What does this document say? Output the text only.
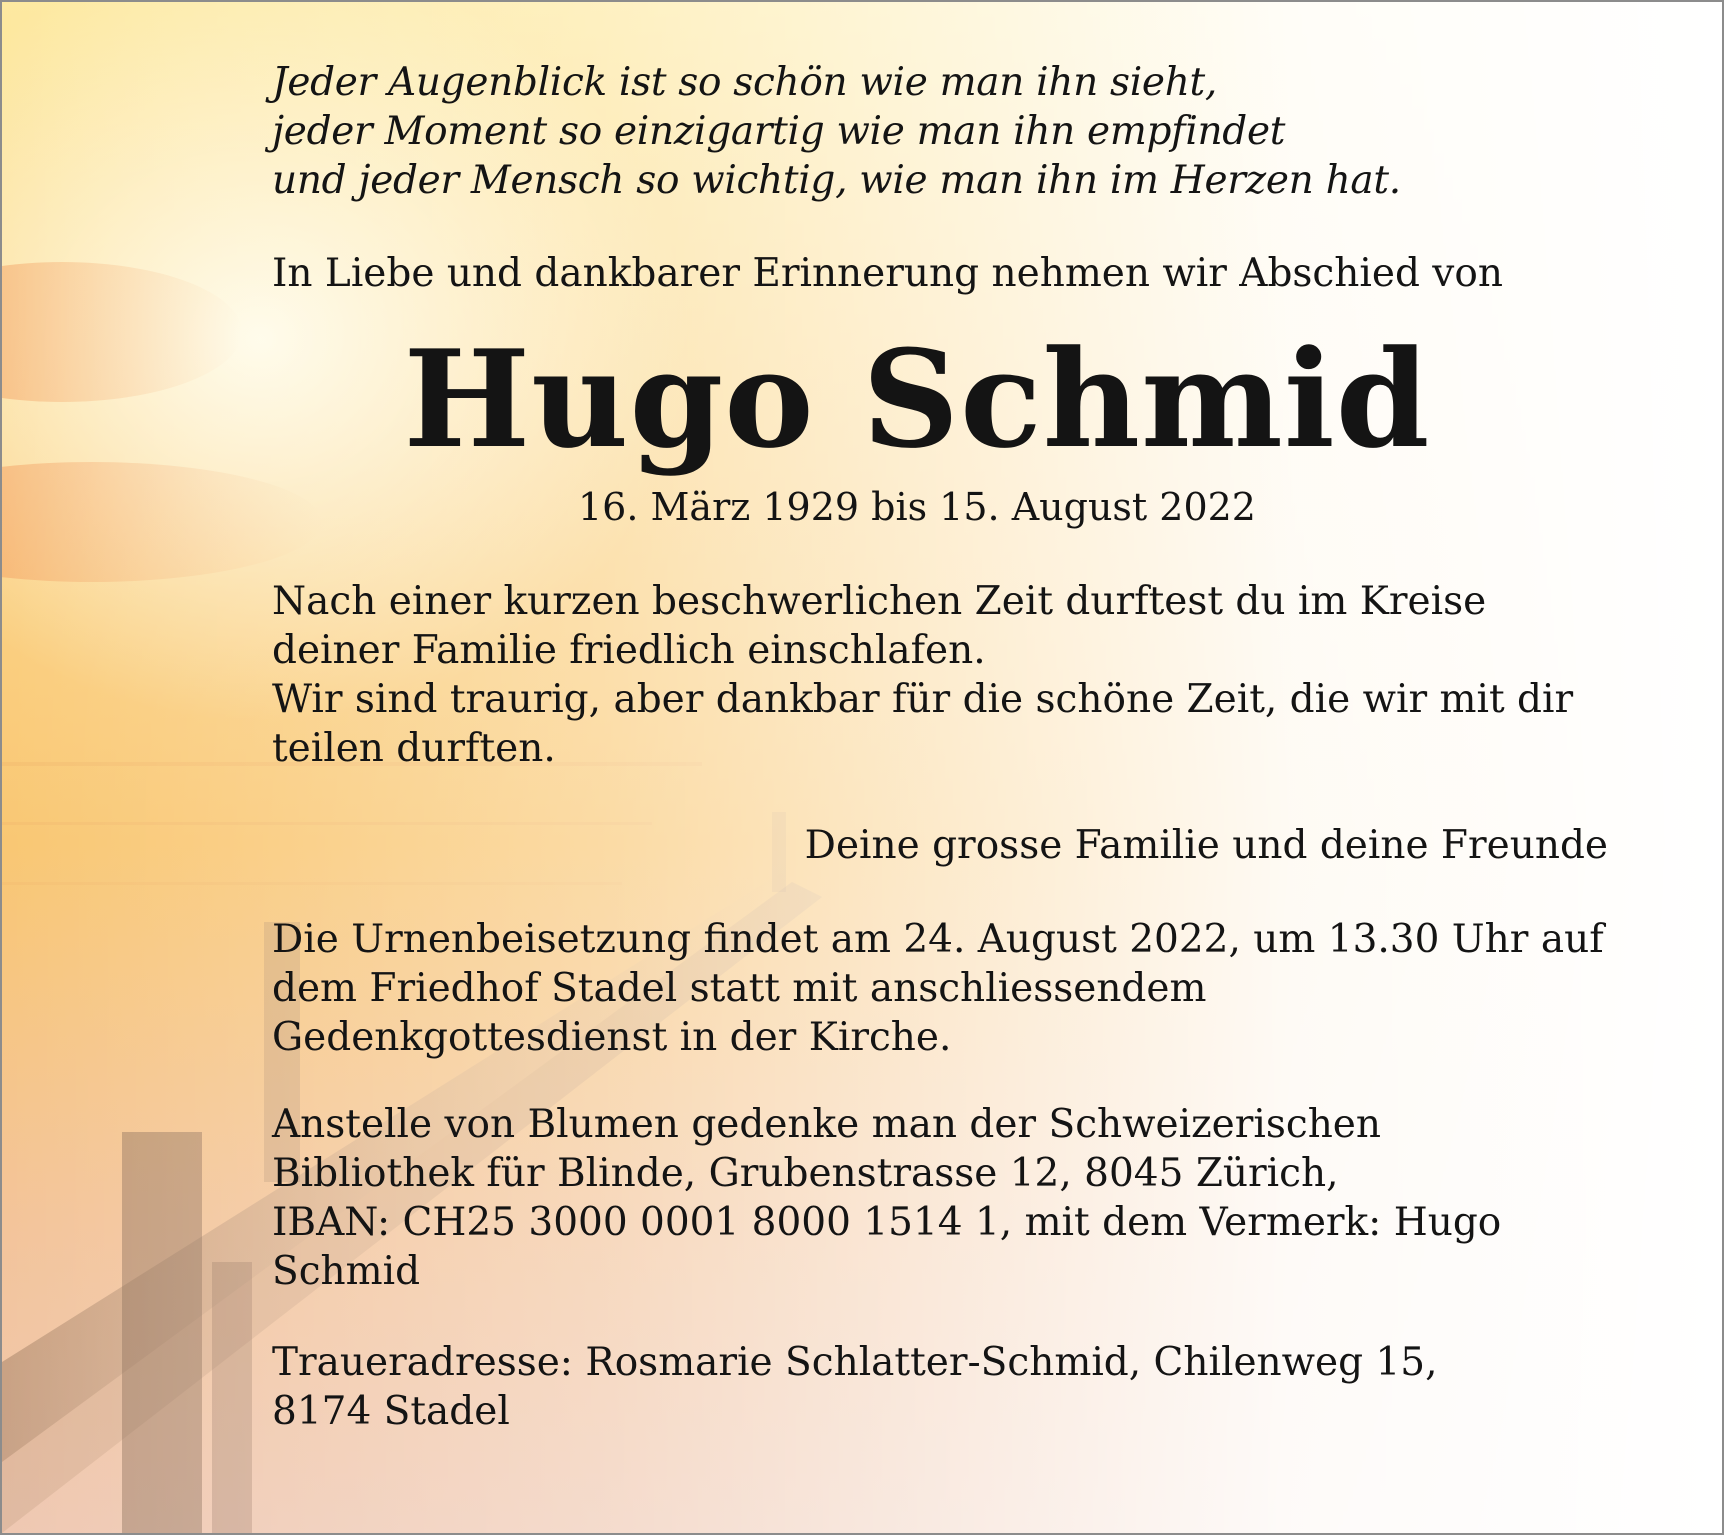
Jeder Augenblick ist so schön wie man ihn sieht,
jeder Moment so einzigartig wie man ihn empfindet
und jeder Mensch so wichtig, wie man ihn im Herzen hat.

In Liebe und dankbarer Erinnerung nehmen wir Abschied von

Hugo Schmid

16. März 1929 bis 15. August 2022

Nach einer kurzen beschwerlichen Zeit durftest du im Kreise
deiner Familie friedlich einschlafen.
Wir sind traurig, aber dankbar für die schöne Zeit, die wir mit dir
teilen durften.

Deine grosse Familie und deine Freunde

Die Urnenbeisetzung findet am 24. August 2022, um 13.30 Uhr auf
dem Friedhof Stadel statt mit anschliessendem
Gedenkgottesdienst in der Kirche.

Anstelle von Blumen gedenke man der Schweizerischen
Bibliothek für Blinde, Grubenstrasse 12, 8045 Zürich,
IBAN: CH25 3000 0001 8000 1514 1, mit dem Vermerk: Hugo
Schmid

Traueradresse: Rosmarie Schlatter-Schmid, Chilenweg 15,
8174 Stadel
